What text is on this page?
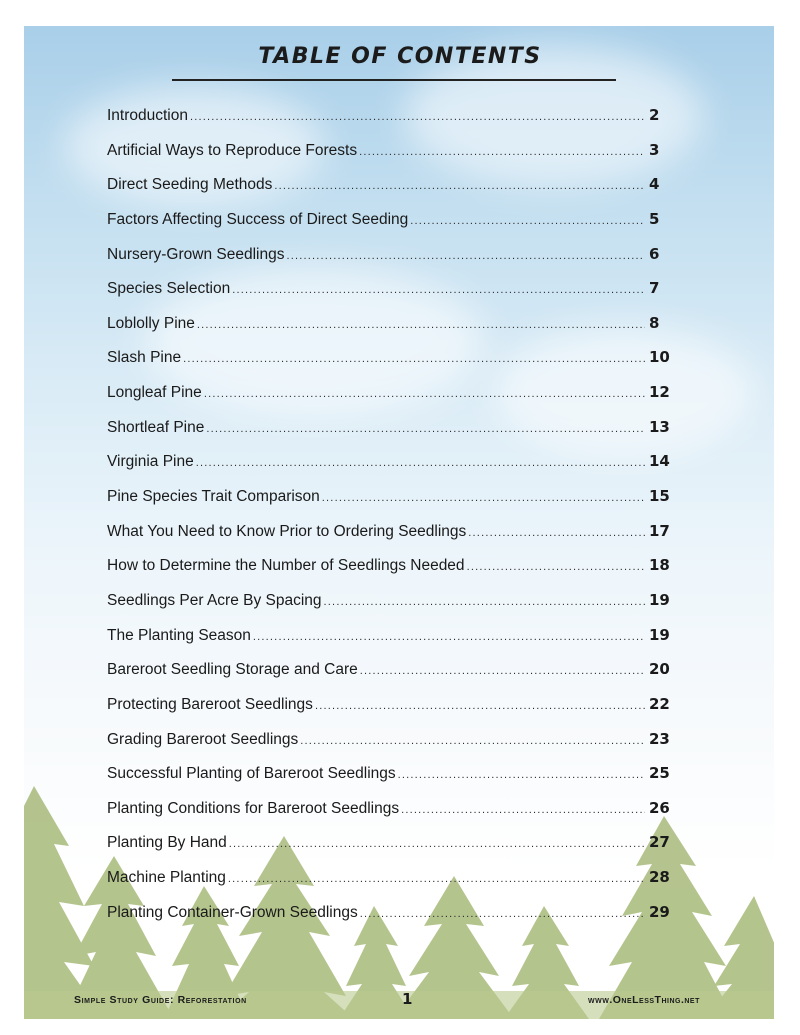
TABLE OF CONTENTS
Introduction .....	2
Artificial Ways to Reproduce Forests .....	3
Direct Seeding Methods .....	4
Factors Affecting Success of Direct Seeding .....	5
Nursery-Grown Seedlings .....	6
Species Selection .....	7
Loblolly Pine .....	8
Slash Pine .....	10
Longleaf Pine .....	12
Shortleaf Pine .....	13
Virginia Pine .....	14
Pine Species Trait Comparison .....	15
What You Need to Know Prior to Ordering Seedlings .....	17
How to Determine the Number of Seedlings Needed .....	18
Seedlings Per Acre By Spacing .....	19
The Planting Season .....	19
Bareroot Seedling Storage and Care .....	20
Protecting Bareroot Seedlings .....	22
Grading Bareroot Seedlings .....	23
Successful Planting of Bareroot Seedlings .....	25
Planting Conditions for Bareroot Seedlings .....	26
Planting By Hand .....	27
Machine Planting .....	28
Planting Container-Grown Seedlings .....	29
Simple Study Guide: Reforestation	1	www.OneLessThing.net
